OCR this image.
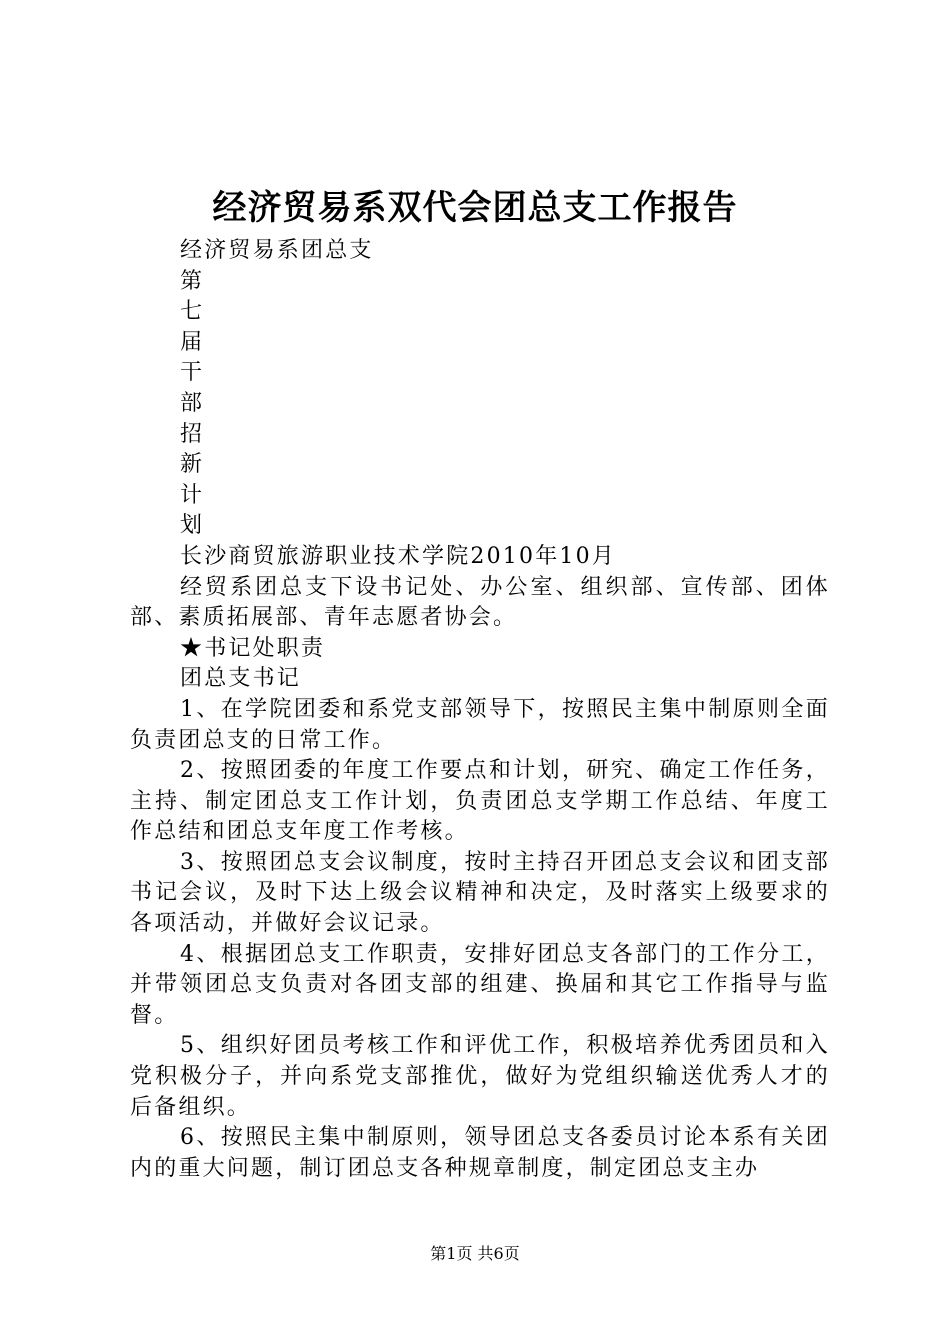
经济贸易系双代会团总支工作报告
经济贸易系团总支
第
七
届
干
部
招
新
计
划
长沙商贸旅游职业技术学院2010年10月

经贸系团总支下设书记处、办公室、组织部、宣传部、团体部、素质拓展部、青年志愿者协会。

★书记处职责
团总支书记

1、在学院团委和系党支部领导下，按照民主集中制原则全面负责团总支的日常工作。

2、按照团委的年度工作要点和计划，研究、确定工作任务，主持、制定团总支工作计划，负责团总支学期工作总结、年度工作总结和团总支年度工作考核。

3、按照团总支会议制度，按时主持召开团总支会议和团支部书记会议，及时下达上级会议精神和决定，及时落实上级要求的各项活动，并做好会议记录。

4、根据团总支工作职责，安排好团总支各部门的工作分工，并带领团总支负责对各团支部的组建、换届和其它工作指导与监督。

5、组织好团员考核工作和评优工作，积极培养优秀团员和入党积极分子，并向系党支部推优，做好为党组织输送优秀人才的后备组织。

6、按照民主集中制原则，领导团总支各委员讨论本系有关团内的重大问题，制订团总支各种规章制度，制定团总支主办

第1页 共6页
